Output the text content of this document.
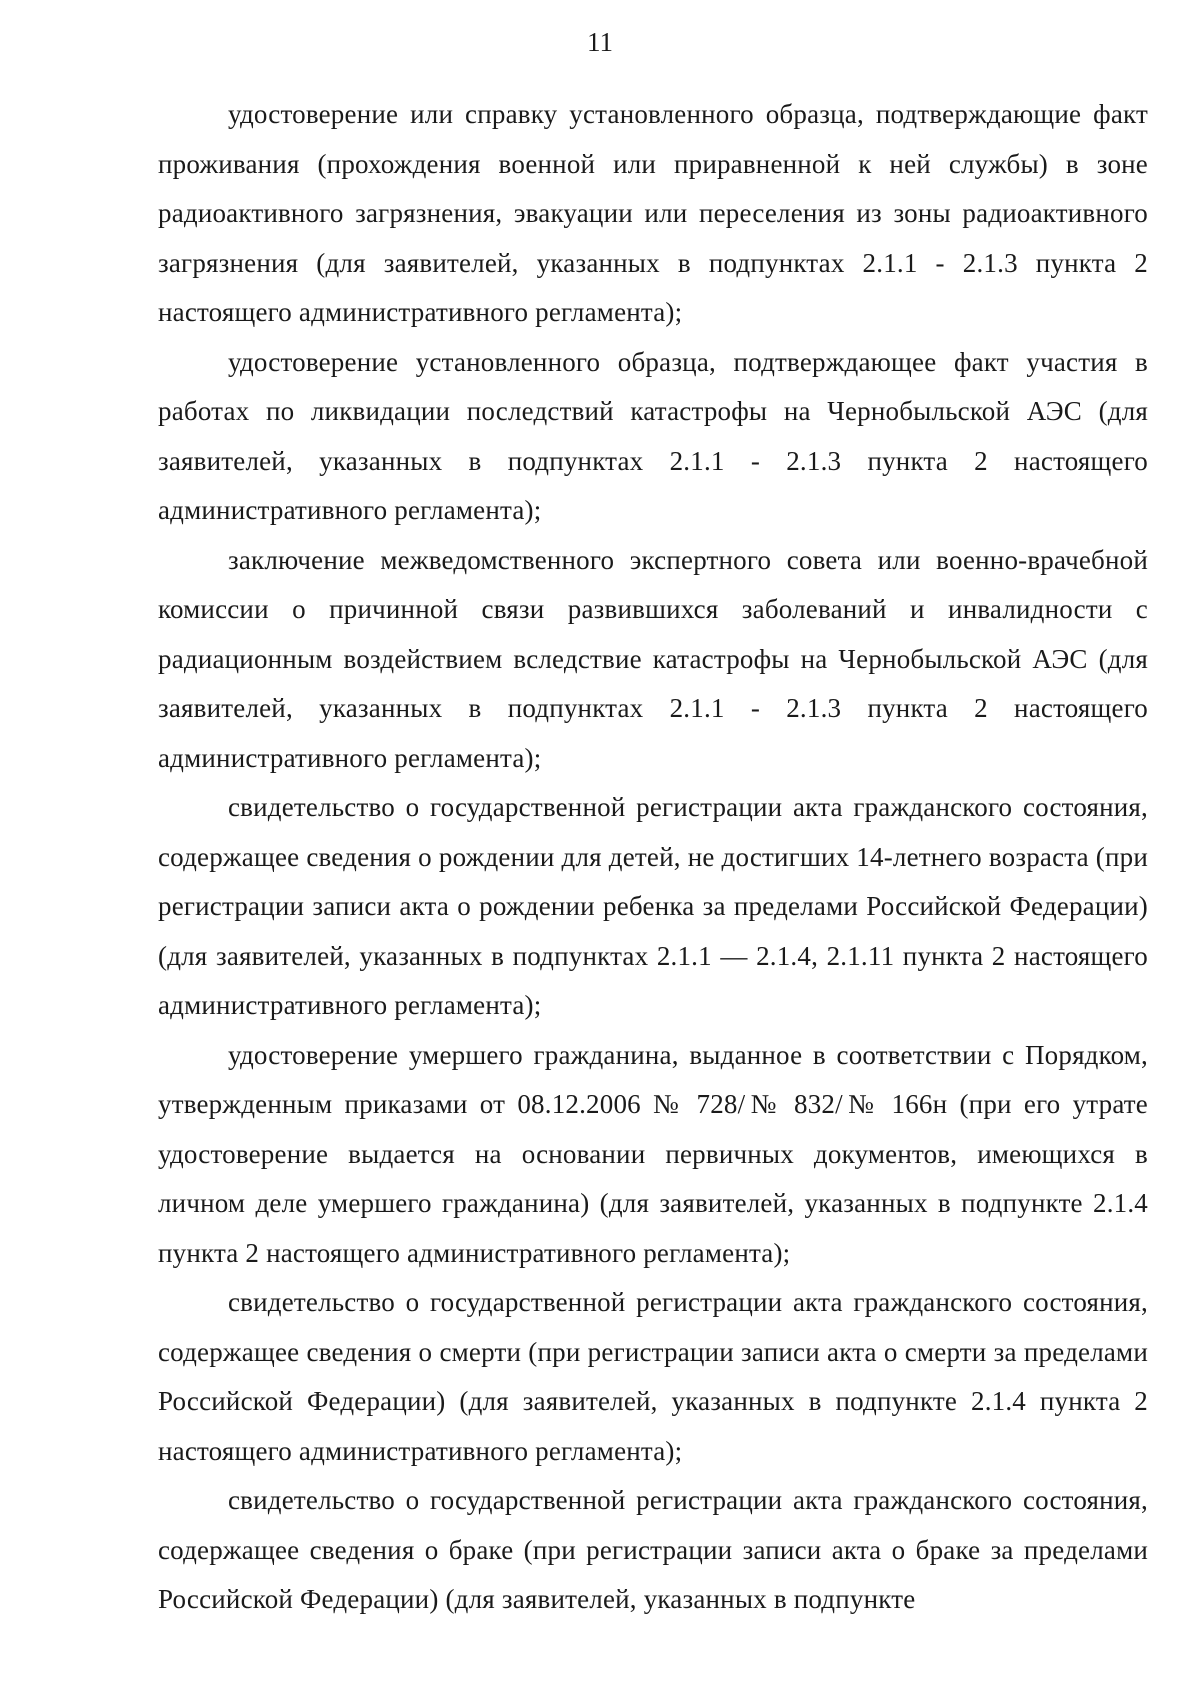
11

удостоверение или справку установленного образца, подтверждающие факт проживания (прохождения военной или приравненной к ней службы) в зоне радиоактивного загрязнения, эвакуации или переселения из зоны радиоактивного загрязнения (для заявителей, указанных в подпунктах 2.1.1 - 2.1.3 пункта 2 настоящего административного регламента);

удостоверение установленного образца, подтверждающее факт участия в работах по ликвидации последствий катастрофы на Чернобыльской АЭС (для заявителей, указанных в подпунктах 2.1.1 - 2.1.3 пункта 2 настоящего административного регламента);

заключение межведомственного экспертного совета или военно-врачебной комиссии о причинной связи развившихся заболеваний и инвалидности с радиационным воздействием вследствие катастрофы на Чернобыльской АЭС (для заявителей, указанных в подпунктах 2.1.1 - 2.1.3 пункта 2 настоящего административного регламента);

свидетельство о государственной регистрации акта гражданского состояния, содержащее сведения о рождении для детей, не достигших 14-летнего возраста (при регистрации записи акта о рождении ребенка за пределами Российской Федерации) (для заявителей, указанных в подпунктах 2.1.1 — 2.1.4, 2.1.11 пункта 2 настоящего административного регламента);

удостоверение умершего гражданина, выданное в соответствии с Порядком, утвержденным приказами от 08.12.2006 № 728/№ 832/№ 166н (при его утрате удостоверение выдается на основании первичных документов, имеющихся в личном деле умершего гражданина) (для заявителей, указанных в подпункте 2.1.4 пункта 2 настоящего административного регламента);

свидетельство о государственной регистрации акта гражданского состояния, содержащее сведения о смерти (при регистрации записи акта о смерти за пределами Российской Федерации) (для заявителей, указанных в подпункте 2.1.4 пункта 2 настоящего административного регламента);

свидетельство о государственной регистрации акта гражданского состояния, содержащее сведения о браке (при регистрации записи акта о браке за пределами Российской Федерации) (для заявителей, указанных в подпункте
